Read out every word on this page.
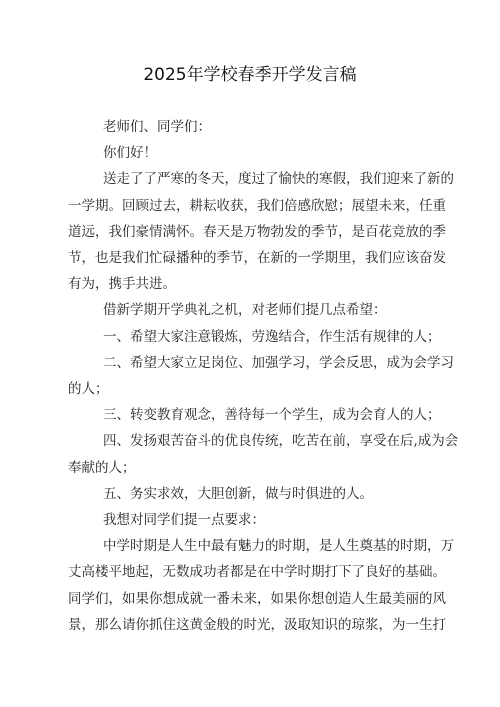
2025年学校春季开学发言稿
老师们、同学们：
你们好！
送走了了严寒的冬天，度过了愉快的寒假，我们迎来了新的
一学期。回顾过去，耕耘收获，我们倍感欣慰；展望未来，任重
道远，我们豪情满怀。春天是万物勃发的季节，是百花竞放的季
节，也是我们忙碌播种的季节，在新的一学期里，我们应该奋发
有为，携手共进。
借新学期开学典礼之机，对老师们提几点希望：
一、希望大家注意锻炼，劳逸结合，作生活有规律的人；
二、希望大家立足岗位、加强学习，学会反思，成为会学习
的人；
三、转变教育观念，善待每一个学生，成为会育人的人；
四、发扬艰苦奋斗的优良传统，吃苦在前，享受在后,成为会
奉献的人；
五、务实求效，大胆创新，做与时俱进的人。
我想对同学们提一点要求：
中学时期是人生中最有魅力的时期，是人生奠基的时期，万
丈高楼平地起，无数成功者都是在中学时期打下了良好的基础。
同学们，如果你想成就一番未来，如果你想创造人生最美丽的风
景，那么请你抓住这黄金般的时光，汲取知识的琼浆，为一生打
